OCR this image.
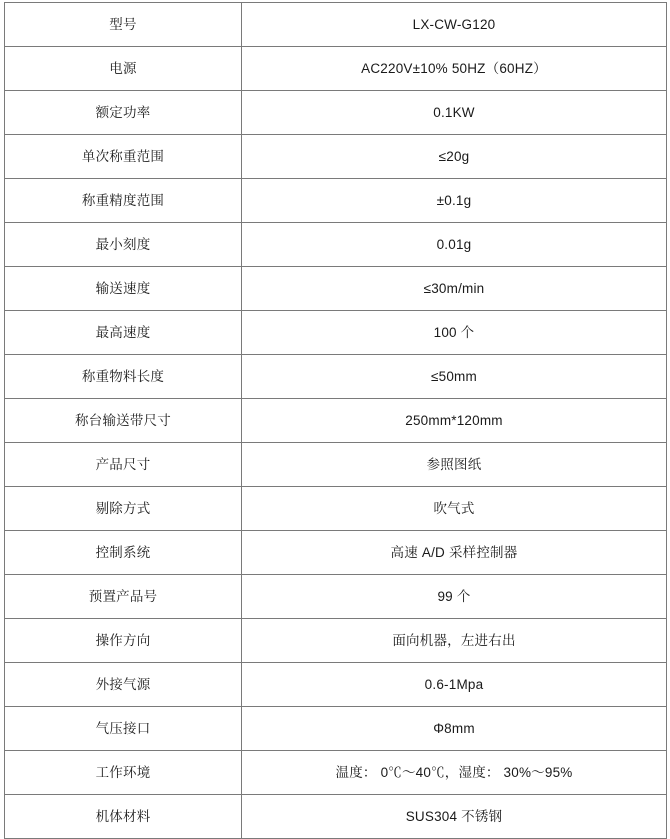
型号	LX-CW-G120
电源	AC220V±10% 50HZ（60HZ）
额定功率	0.1KW
单次称重范围	≤20g
称重精度范围	±0.1g
最小刻度	0.01g
输送速度	≤30m/min
最高速度	100 个
称重物料长度	≤50mm
称台输送带尺寸	250mm*120mm
产品尺寸	参照图纸
剔除方式	吹气式
控制系统	高速 A/D 采样控制器
预置产品号	99 个
操作方向	面向机器，左进右出
外接气源	0.6-1Mpa
气压接口	Φ8mm
工作环境	温度： 0℃～40℃，湿度： 30%～95%
机体材料	SUS304 不锈钢
